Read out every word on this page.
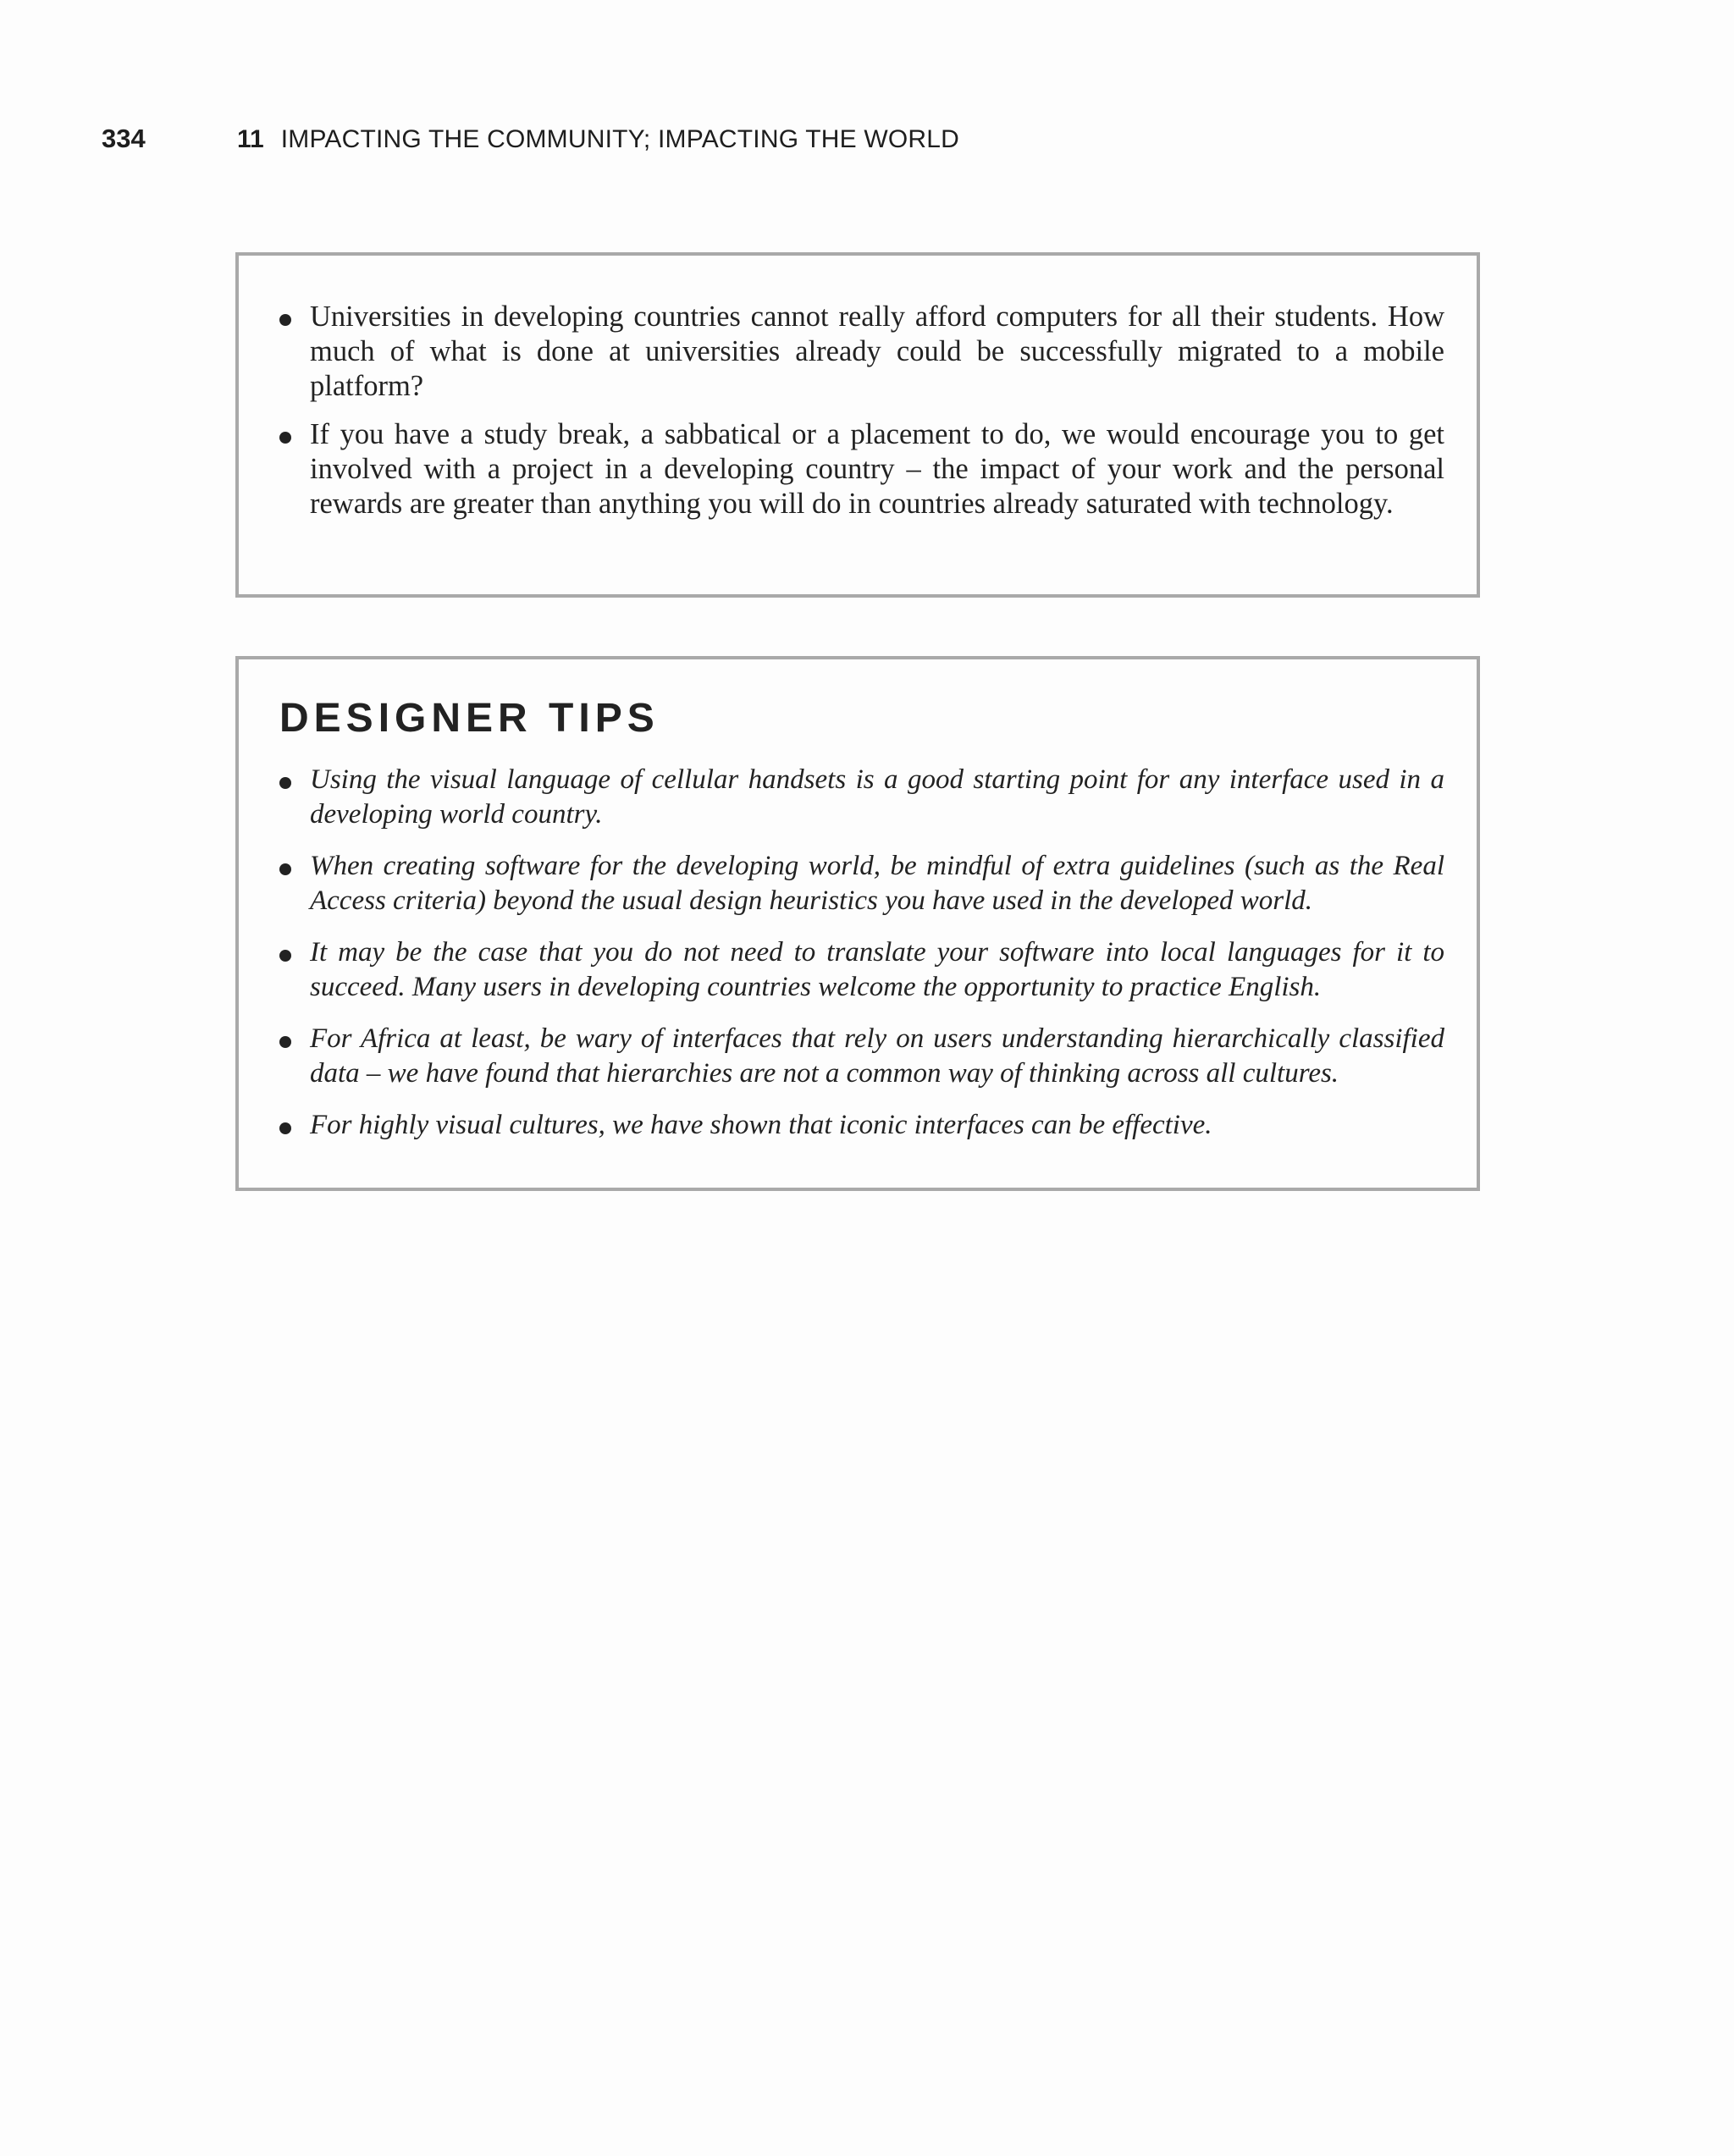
334	11 IMPACTING THE COMMUNITY; IMPACTING THE WORLD
Universities in developing countries cannot really afford computers for all their students. How much of what is done at universities already could be successfully migrated to a mobile platform?
If you have a study break, a sabbatical or a placement to do, we would encourage you to get involved with a project in a developing country – the impact of your work and the personal rewards are greater than anything you will do in countries already saturated with technology.
DESIGNER TIPS
Using the visual language of cellular handsets is a good starting point for any interface used in a developing world country.
When creating software for the developing world, be mindful of extra guidelines (such as the Real Access criteria) beyond the usual design heuristics you have used in the developed world.
It may be the case that you do not need to translate your software into local languages for it to succeed. Many users in developing countries welcome the opportunity to practice English.
For Africa at least, be wary of interfaces that rely on users understanding hierarchically classified data – we have found that hierarchies are not a common way of thinking across all cultures.
For highly visual cultures, we have shown that iconic interfaces can be effective.
